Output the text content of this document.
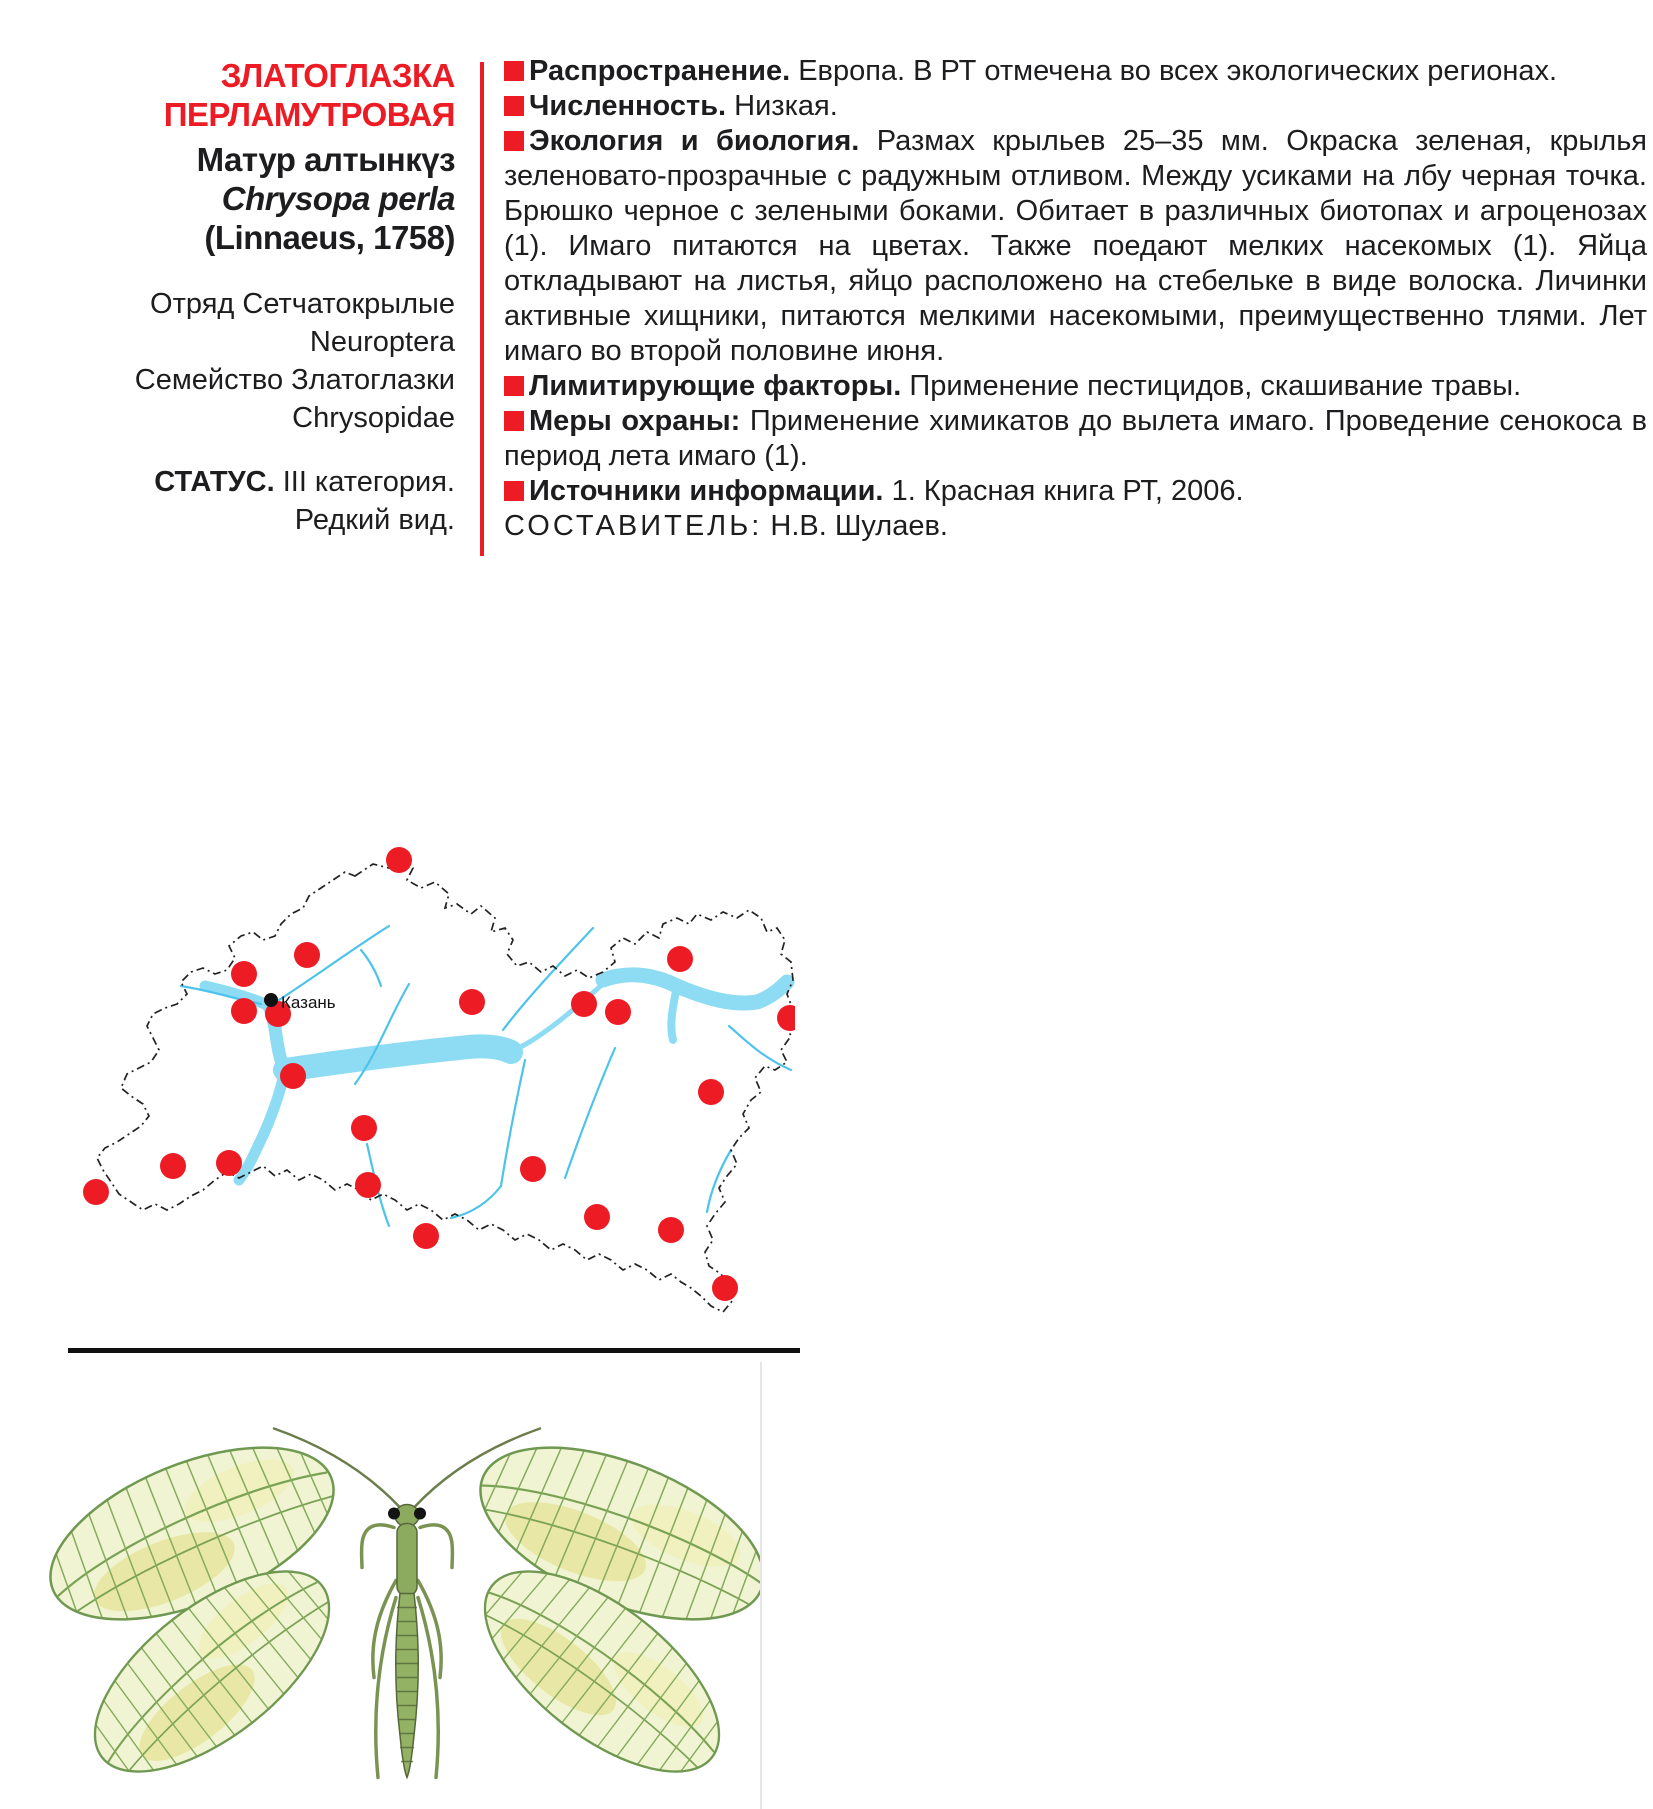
ЗЛАТОГЛАЗКА
ПЕРЛАМУТРОВАЯ
Матур алтынкүз
Chrysopa perla
(Linnaeus, 1758)
Отряд Сетчатокрылые
Neuroptera
Семейство Златоглазки
Chrysopidae
СТАТУС. III категория.
Редкий вид.

Распространение. Европа. В РТ отмечена во всех экологических регионах.

Численность. Низкая.

Экология и биология. Размах крыльев 25–35 мм. Окраска зеленая, крылья зеленовато-прозрачные с радужным отливом. Между усиками на лбу черная точка. Брюшко черное с зелеными боками. Обитает в различных биотопах и агроценозах (1). Имаго питаются на цветах. Также поедают мелких насекомых (1). Яйца откладывают на листья, яйцо расположено на стебельке в виде волоска. Личинки активные хищники, питаются мелкими насекомыми, преимущественно тлями. Лет имаго во второй половине июня.

Лимитирующие факторы. Применение пестицидов, скашивание травы.

Меры охраны: Применение химикатов до вылета имаго. Проведение сенокоса в период лета имаго (1).

Источники информации. 1. Красная книга РТ, 2006.

СОСТАВИТЕЛЬ: Н.В. Шулаев.

Казань
